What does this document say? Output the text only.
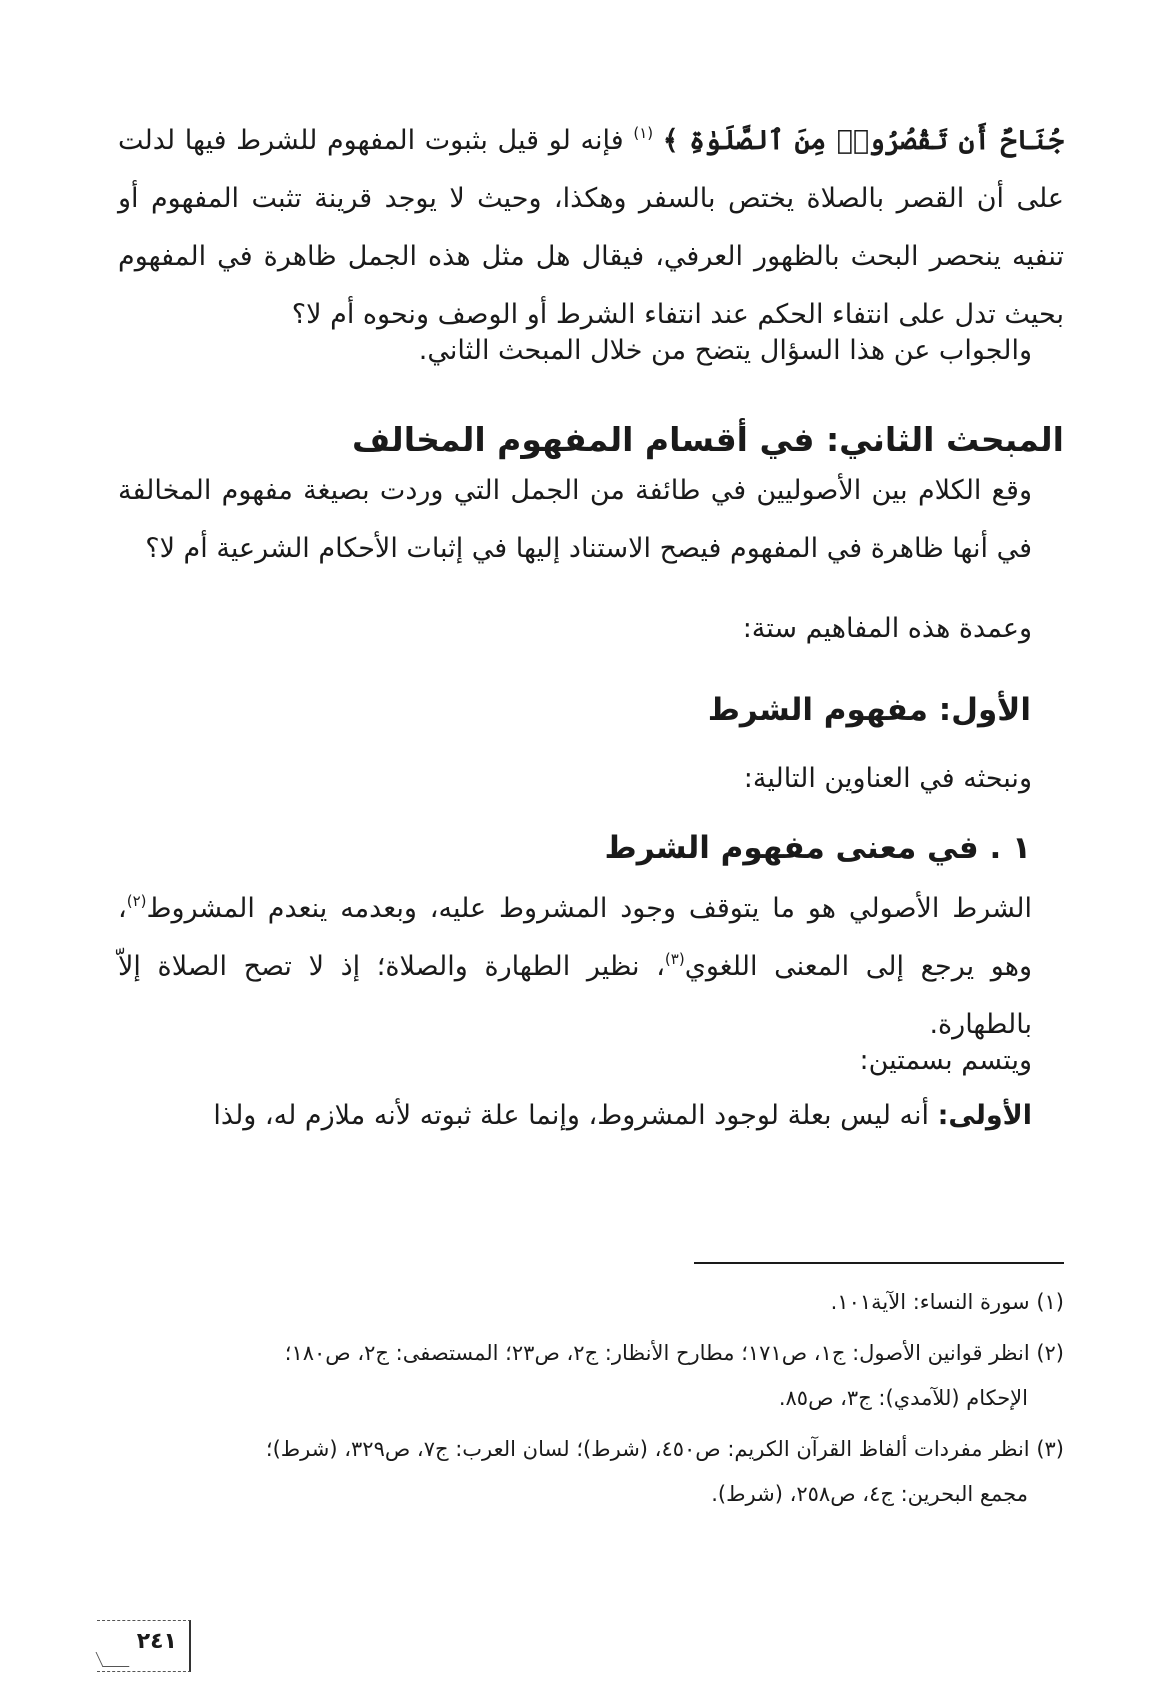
جُنَاحٌ أَن تَقْصُرُوا۟ مِنَ ٱلصَّلَوٰةِ ﴾ $^{(١)}$ فإنه لو قيل بثبوت المفهوم للشرط فيها لدلت على أن القصر بالصلاة يختص بالسفر وهكذا، وحيث لا يوجد قرينة تثبت المفهوم أو تنفيه ينحصر البحث بالظهور العرفي، فيقال هل مثل هذه الجمل ظاهرة في المفهوم بحيث تدل على انتفاء الحكم عند انتفاء الشرط أو الوصف ونحوه أم لا؟

والجواب عن هذا السؤال يتضح من خلال المبحث الثاني.

المبحث الثاني: في أقسام المفهوم المخالف

وقع الكلام بين الأصوليين في طائفة من الجمل التي وردت بصيغة مفهوم المخالفة في أنها ظاهرة في المفهوم فيصح الاستناد إليها في إثبات الأحكام الشرعية أم لا؟

وعمدة هذه المفاهيم ستة:

الأول: مفهوم الشرط

ونبحثه في العناوين التالية:

١ . في معنى مفهوم الشرط

الشرط الأصولي هو ما يتوقف وجود المشروط عليه، وبعدمه ينعدم المشروط$^{(٢)}$، وهو يرجع إلى المعنى اللغوي$^{(٣)}$، نظير الطهارة والصلاة؛ إذ لا تصح الصلاة إلاّ بالطهارة.

ويتسم بسمتين:

الأولى: أنه ليس بعلة لوجود المشروط، وإنما علة ثبوته لأنه ملازم له، ولذا

(١) سورة النساء: الآية١٠١.

(٢) انظر قوانين الأصول: ج١، ص١٧١؛ مطارح الأنظار: ج٢، ص٢٣؛ المستصفى: ج٢، ص١٨٠؛
الإحكام (للآمدي): ج٣، ص٨٥.

(٣) انظر مفردات ألفاظ القرآن الكريم: ص٤٥٠، (شرط)؛ لسان العرب: ج٧، ص٣٢٩، (شرط)؛
مجمع البحرين: ج٤، ص٢٥٨، (شرط).

٢٤١
